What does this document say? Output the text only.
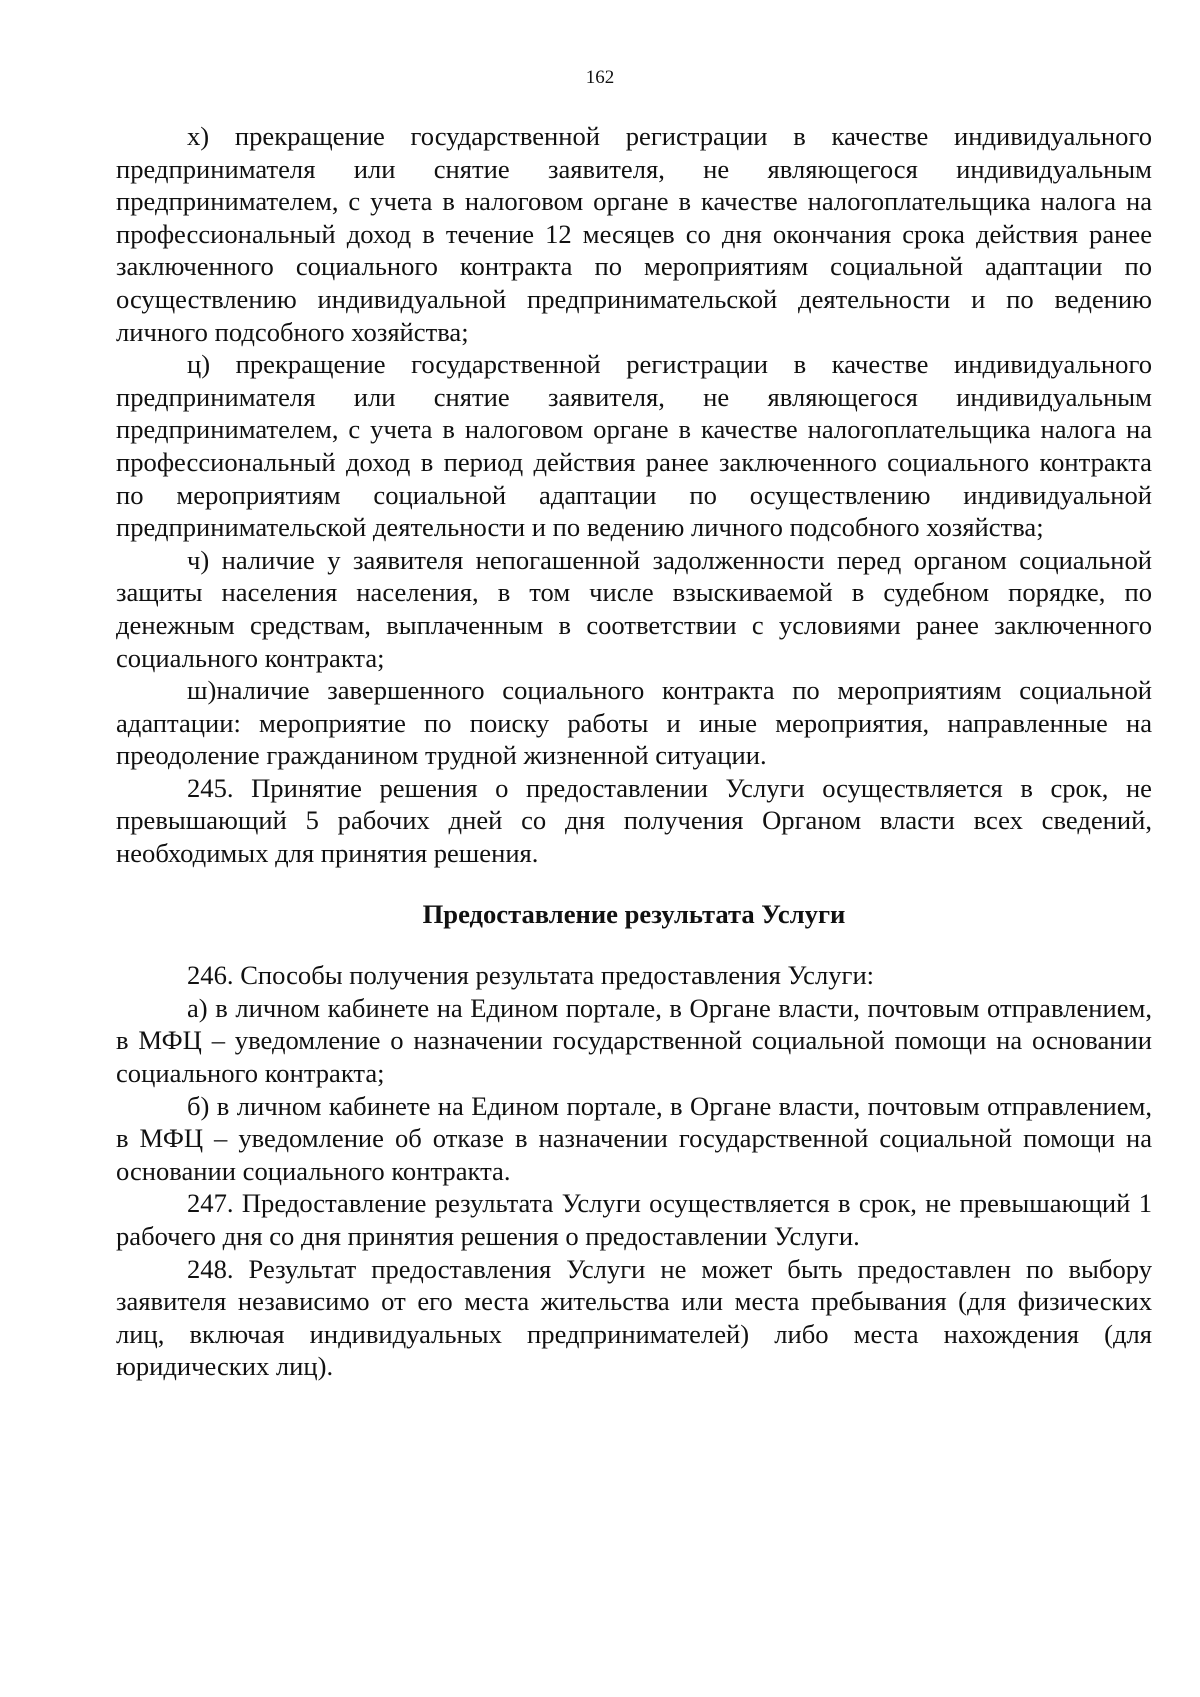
162

х) прекращение государственной регистрации в качестве индивидуального предпринимателя или снятие заявителя, не являющегося индивидуальным предпринимателем, с учета в налоговом органе в качестве налогоплательщика налога на профессиональный доход в течение 12 месяцев со дня окончания срока действия ранее заключенного социального контракта по мероприятиям социальной адаптации по осуществлению индивидуальной предпринимательской деятельности и по ведению личного подсобного хозяйства;

ц) прекращение государственной регистрации в качестве индивидуального предпринимателя или снятие заявителя, не являющегося индивидуальным предпринимателем, с учета в налоговом органе в качестве налогоплательщика налога на профессиональный доход в период действия ранее заключенного социального контракта по мероприятиям социальной адаптации по осуществлению индивидуальной предпринимательской деятельности и по ведению личного подсобного хозяйства;

ч) наличие у заявителя непогашенной задолженности перед органом социальной защиты населения населения, в том числе взыскиваемой в судебном порядке, по денежным средствам, выплаченным в соответствии с условиями ранее заключенного социального контракта;

ш)наличие завершенного социального контракта по мероприятиям социальной адаптации: мероприятие по поиску работы и иные мероприятия, направленные на преодоление гражданином трудной жизненной ситуации.

245. Принятие решения о предоставлении Услуги осуществляется в срок, не превышающий 5 рабочих дней со дня получения Органом власти всех сведений, необходимых для принятия решения.

Предоставление результата Услуги

246. Способы получения результата предоставления Услуги:

а) в личном кабинете на Едином портале, в Органе власти, почтовым отправлением, в МФЦ – уведомление о назначении государственной социальной помощи на основании социального контракта;

б) в личном кабинете на Едином портале, в Органе власти, почтовым отправлением, в МФЦ – уведомление об отказе в назначении государственной социальной помощи на основании социального контракта.

247. Предоставление результата Услуги осуществляется в срок, не превышающий 1 рабочего дня со дня принятия решения о предоставлении Услуги.

248. Результат предоставления Услуги не может быть предоставлен по выбору заявителя независимо от его места жительства или места пребывания (для физических лиц, включая индивидуальных предпринимателей) либо места нахождения (для юридических лиц).
